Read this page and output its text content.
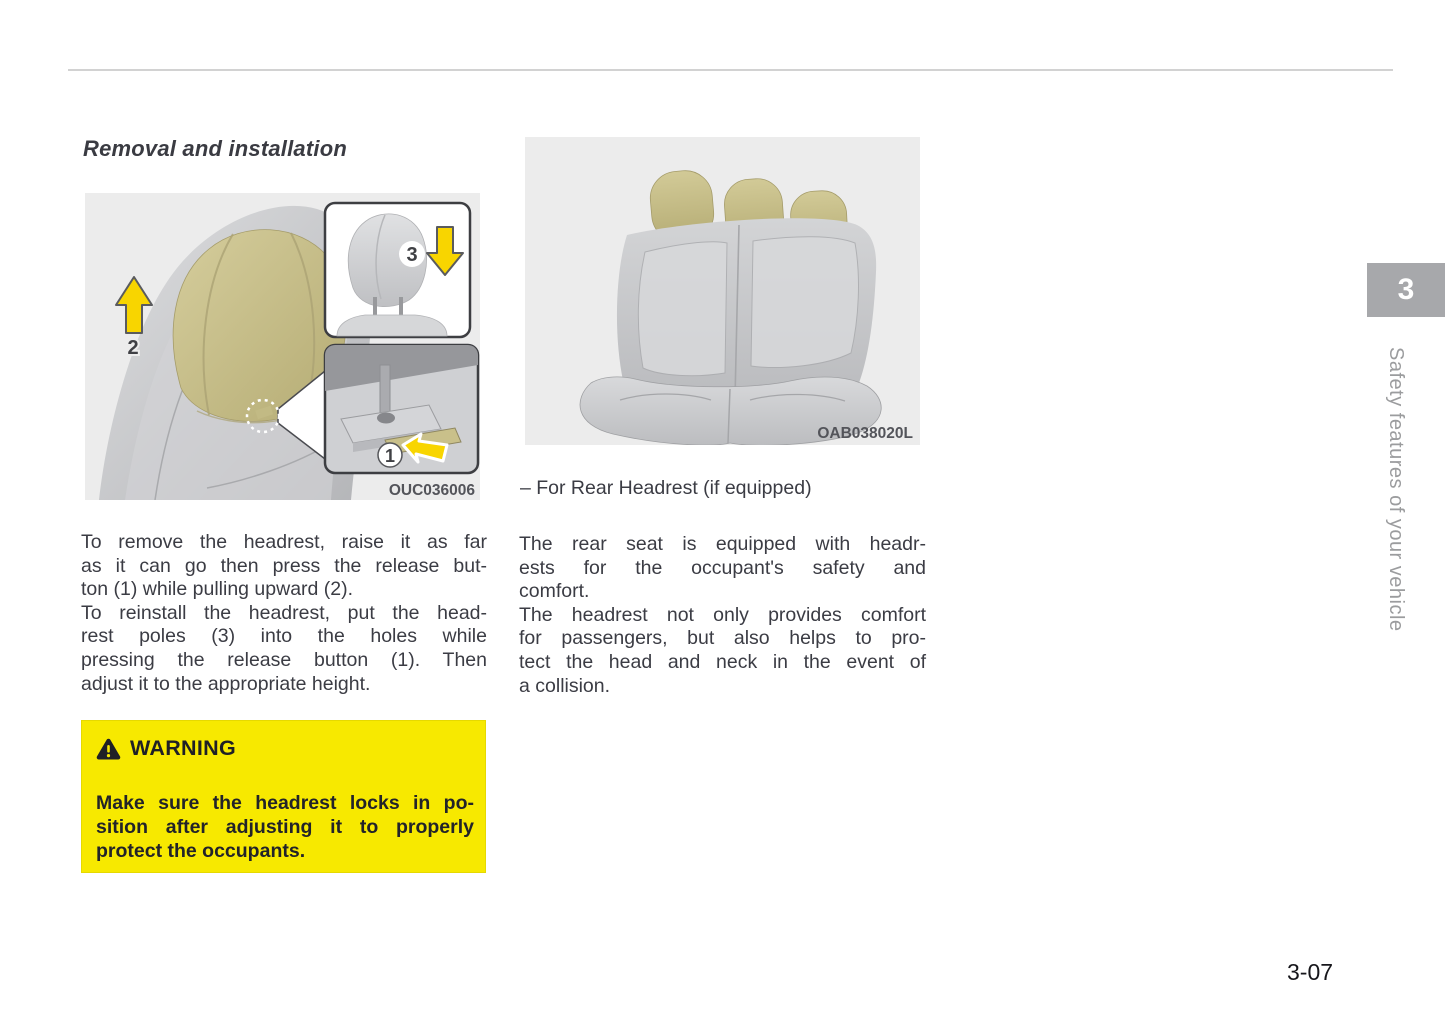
Removal and installation
2
3
1
OUC036006
OAB038020L
– For Rear Headrest (if equipped)
To remove the headrest, raise it as far
as it can go then press the release but-
ton (1) while pulling upward (2).
To reinstall the headrest, put the head-
rest poles (3) into the holes while
pressing the release button (1). Then
adjust it to the appropriate height.
The rear seat is equipped with headr-
ests for the occupant's safety and
comfort.
The headrest not only provides comfort
for passengers, but also helps to pro-
tect the head and neck in the event of
a collision.
WARNING
Make sure the headrest locks in po-
sition after adjusting it to properly
protect the occupants.
3
Safety features of your vehicle
3-07
